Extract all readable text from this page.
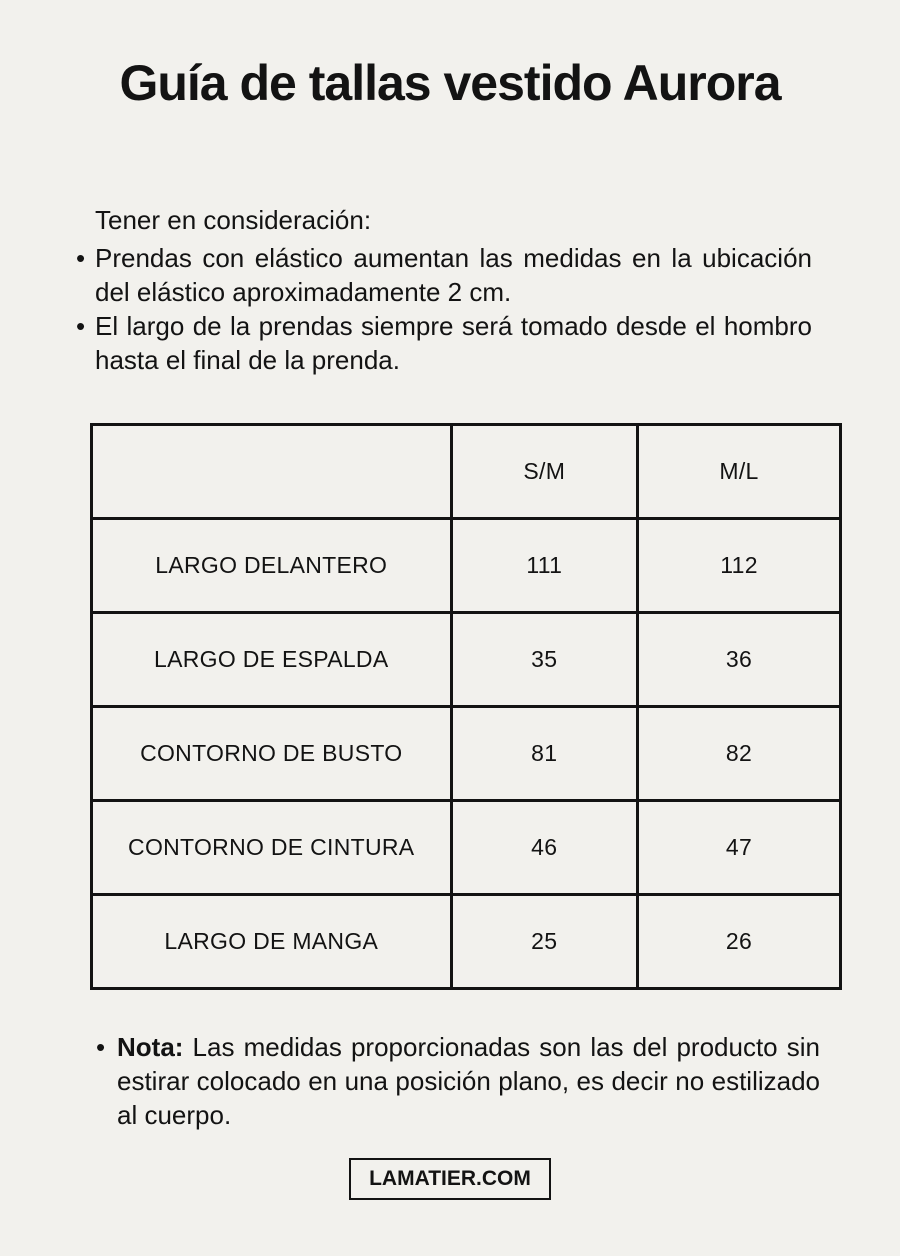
Guía de tallas vestido Aurora

Tener en consideración:

• Prendas con elástico aumentan las medidas en la ubicación del elástico aproximadamente 2 cm.
• El largo de la prendas siempre será tomado desde el hombro hasta el final de la prenda.
	S/M	M/L
LARGO DELANTERO	111	112
LARGO DE ESPALDA	35	36
CONTORNO DE BUSTO	81	82
CONTORNO DE CINTURA	46	47
LARGO DE MANGA	25	26
• Nota: Las medidas proporcionadas son las del producto sin estirar colocado en una posición plano, es decir no estilizado al cuerpo.
LAMATIER.COM
